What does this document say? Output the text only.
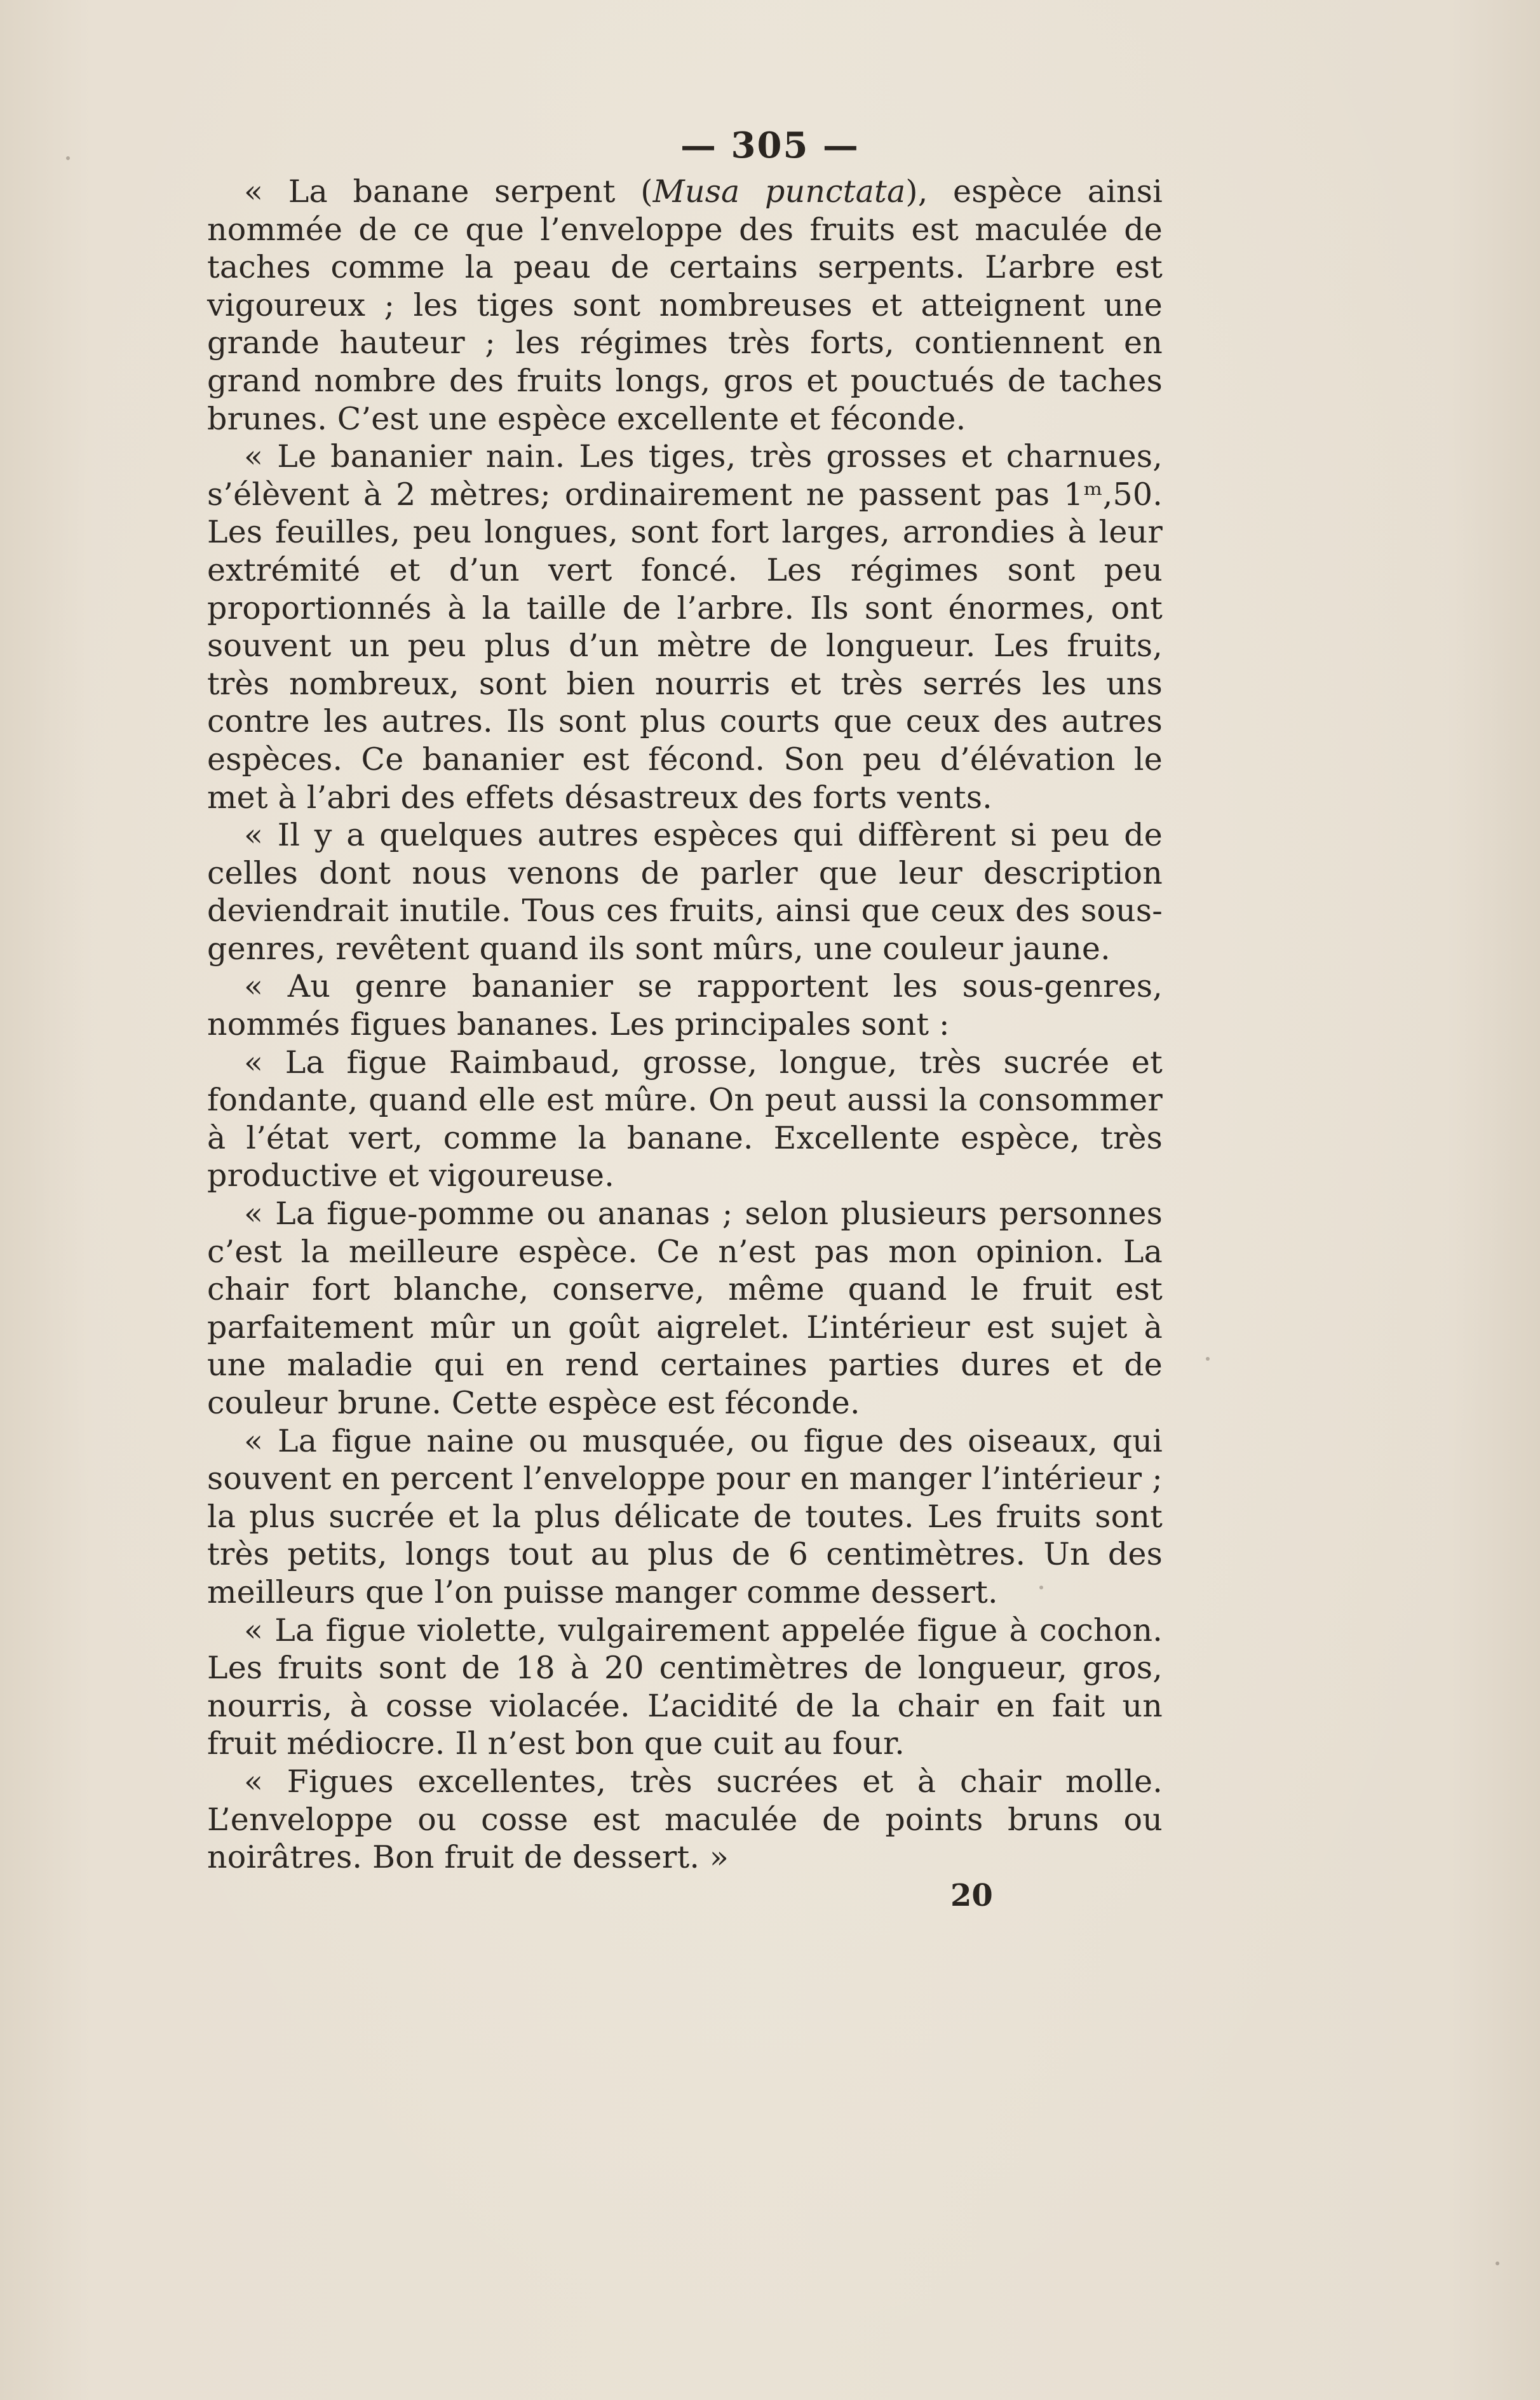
— 305 —

« La banane serpent (Musa punctata), espèce ainsi nommée de ce que l’enveloppe des fruits est maculée de taches comme la peau de certains serpents. L’arbre est vigoureux ; les tiges sont nombreuses et atteignent une grande hauteur ; les régimes très forts, contiennent en grand nombre des fruits longs, gros et pouctués de taches brunes. C’est une espèce excellente et féconde.

« Le bananier nain. Les tiges, très grosses et charnues, s’élèvent à 2 mètres; ordinairement ne passent pas 1ᵐ,50. Les feuilles, peu longues, sont fort larges, arrondies à leur extrémité et d’un vert foncé. Les régimes sont peu proportionnés à la taille de l’arbre. Ils sont énormes, ont souvent un peu plus d’un mètre de longueur. Les fruits, très nombreux, sont bien nourris et très serrés les uns contre les autres. Ils sont plus courts que ceux des autres espèces. Ce bananier est fécond. Son peu d’élévation le met à l’abri des effets désastreux des forts vents.

« Il y a quelques autres espèces qui diffèrent si peu de celles dont nous venons de parler que leur description deviendrait inutile. Tous ces fruits, ainsi que ceux des sous-genres, revêtent quand ils sont mûrs, une couleur jaune.

« Au genre bananier se rapportent les sous-genres, nommés figues bananes. Les principales sont :

« La figue Raimbaud, grosse, longue, très sucrée et fondante, quand elle est mûre. On peut aussi la consommer à l’état vert, comme la banane. Excellente espèce, très productive et vigoureuse.

« La figue-pomme ou ananas ; selon plusieurs personnes c’est la meilleure espèce. Ce n’est pas mon opinion. La chair fort blanche, conserve, même quand le fruit est parfaitement mûr un goût aigrelet. L’intérieur est sujet à une maladie qui en rend certaines parties dures et de couleur brune. Cette espèce est féconde.

« La figue naine ou musquée, ou figue des oiseaux, qui souvent en percent l’enveloppe pour en manger l’intérieur ; la plus sucrée et la plus délicate de toutes. Les fruits sont très petits, longs tout au plus de 6 centimètres. Un des meilleurs que l’on puisse manger comme dessert.

« La figue violette, vulgairement appelée figue à cochon. Les fruits sont de 18 à 20 centimètres de longueur, gros, nourris, à cosse violacée. L’acidité de la chair en fait un fruit médiocre. Il n’est bon que cuit au four.

« Figues excellentes, très sucrées et à chair molle. L’enveloppe ou cosse est maculée de points bruns ou noirâtres. Bon fruit de dessert. »

20
